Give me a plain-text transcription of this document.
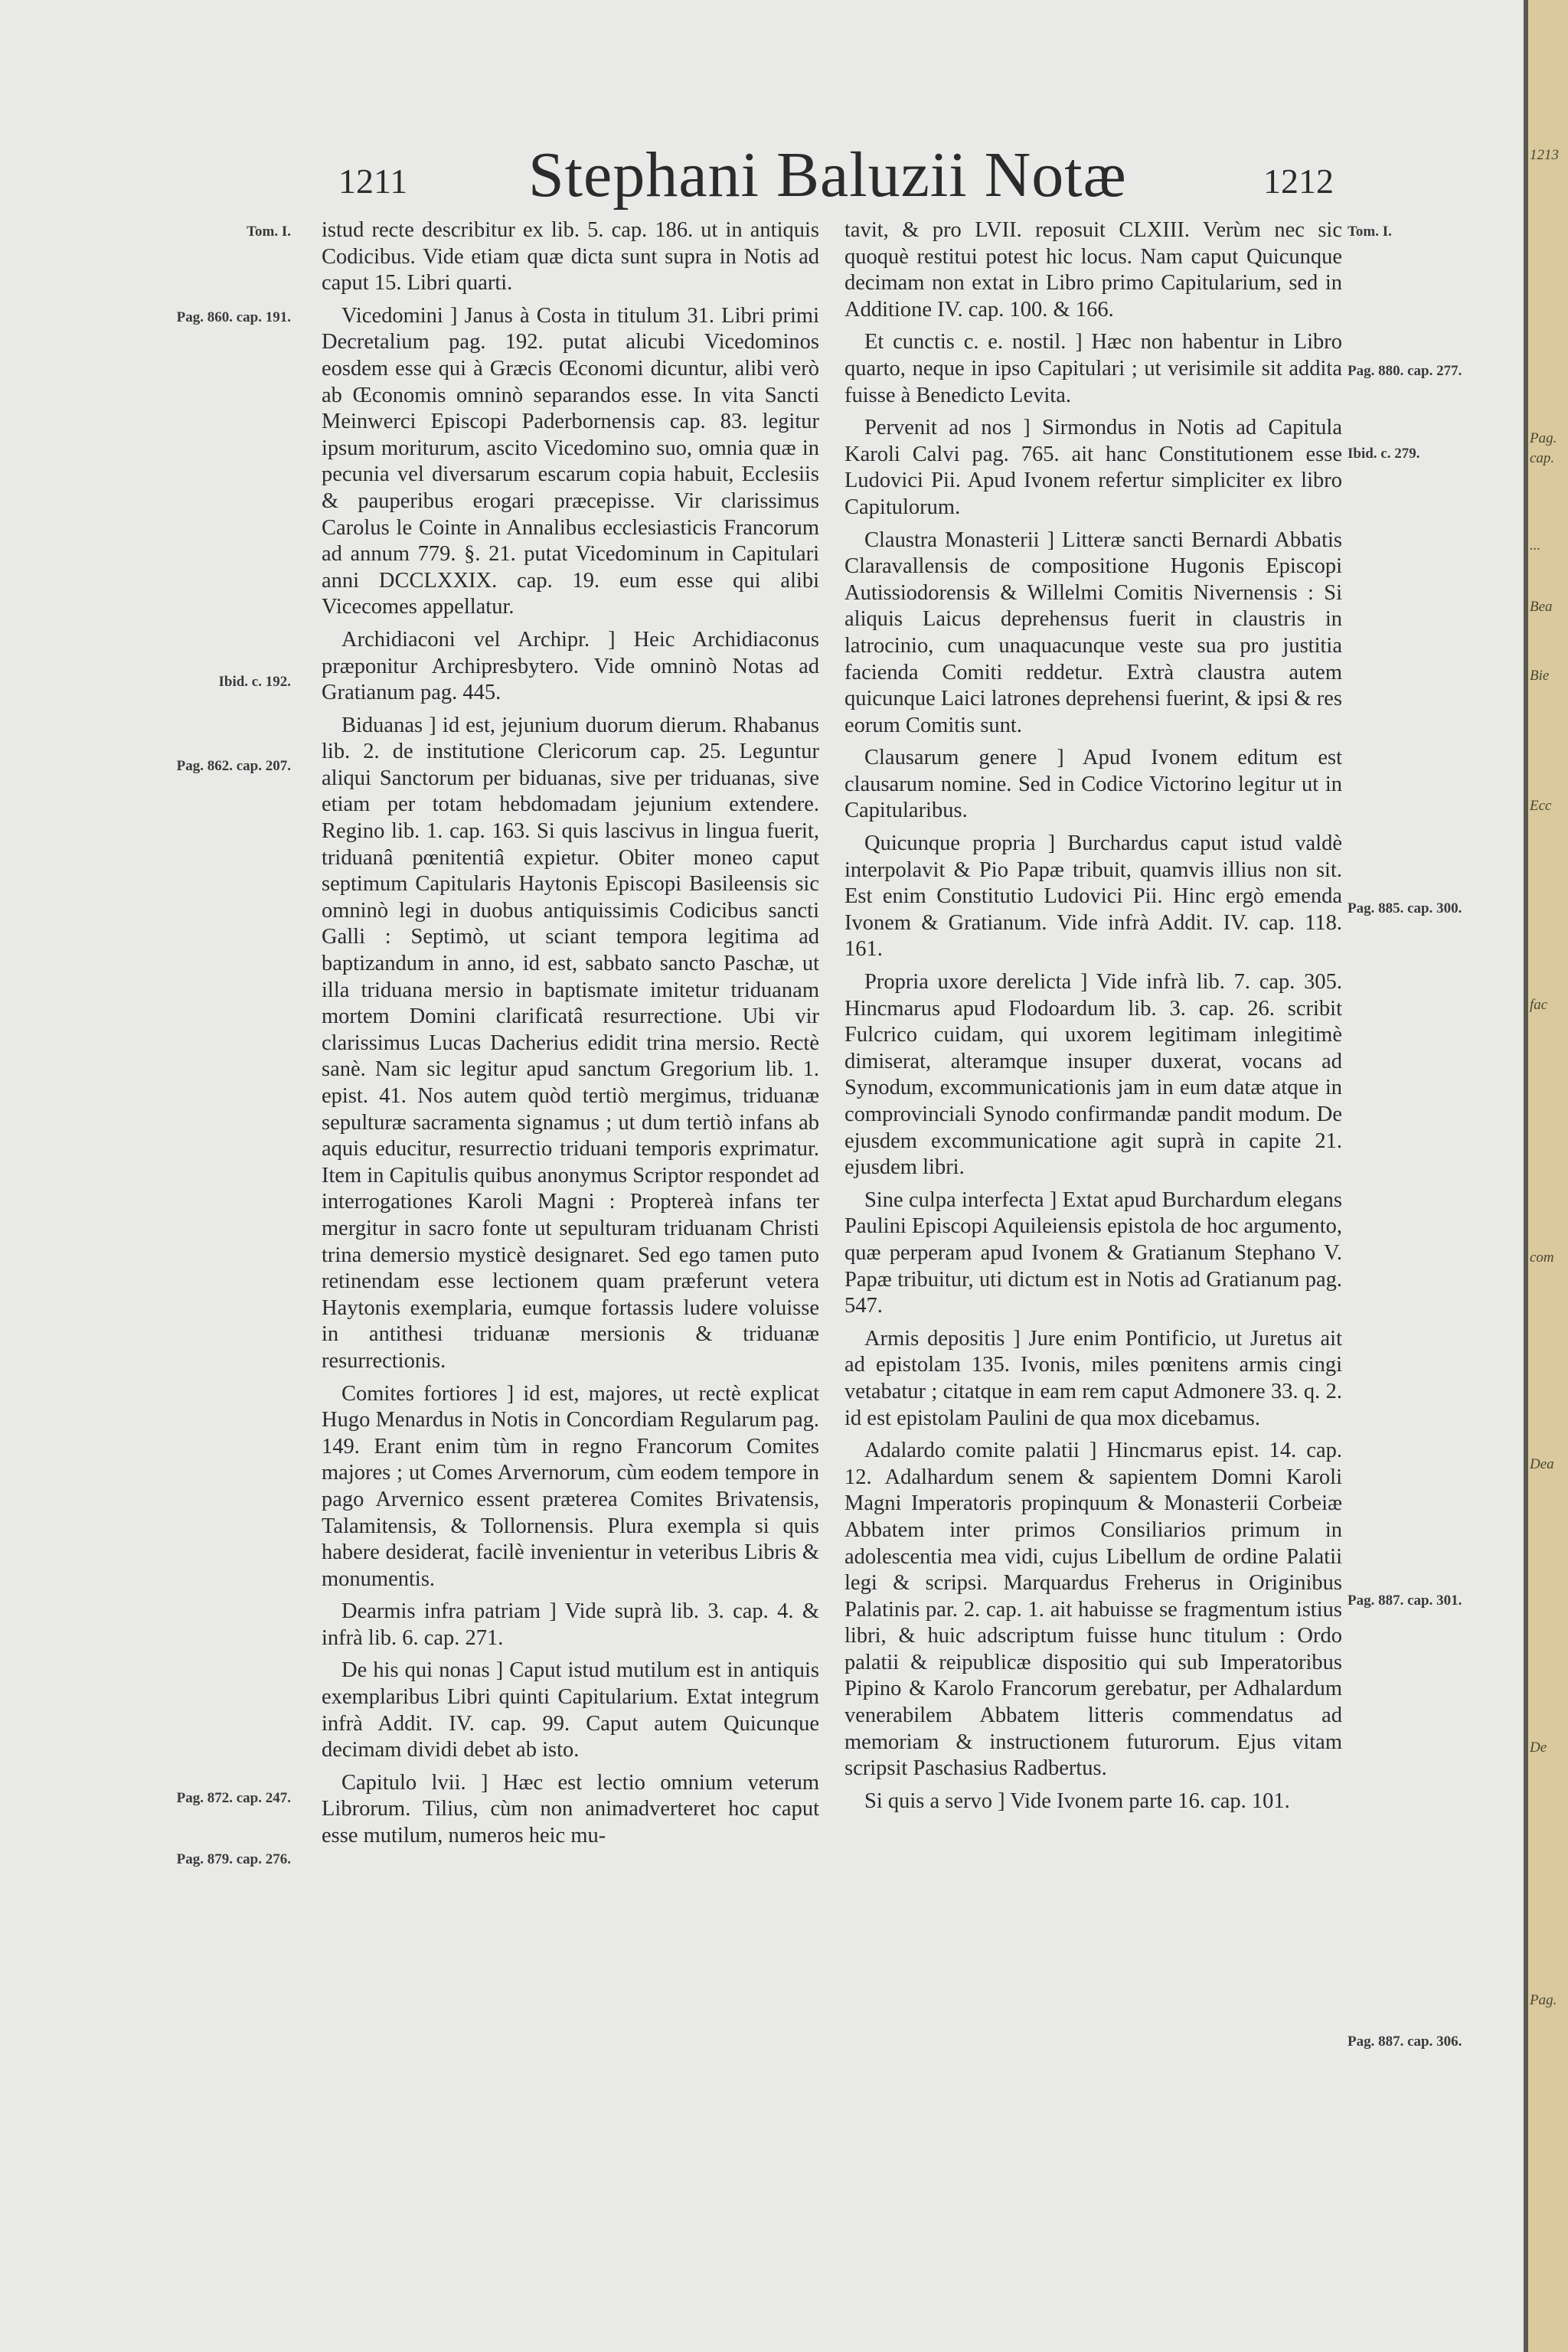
1211 Stephani Baluzii Notæ	1212
Tom. I.
Pag. 860. cap. 191.
Ibid. c. 192.
Pag. 862. cap. 207.
Pag. 872. cap. 247.
Pag. 879. cap. 276.
Tom. I.
Pag. 880. cap. 277.
Ibid. c. 279.
Pag. 885. cap. 300.
Pag. 887. cap. 301.
Pag. 887. cap. 306.

istud recte describitur ex lib. 5. cap. 186. ut in antiquis Codicibus. Vide etiam quæ dicta sunt supra in Notis ad caput 15. Libri quarti.

Vicedomini ] Janus à Costa in titulum 31. Libri primi Decretalium pag. 192. putat alicubi Vicedominos eosdem esse qui à Græcis Œconomi dicuntur, alibi verò ab Œconomis omninò separandos esse. In vita Sancti Meinwerci Episcopi Paderbornensis cap. 83. legitur ipsum moriturum, ascito Vicedomino suo, omnia quæ in pecunia vel diversarum escarum copia habuit, Ecclesiis & pauperibus erogari præcepisse. Vir clarissimus Carolus le Cointe in Annalibus ecclesiasticis Francorum ad annum 779. §. 21. putat Vicedominum in Capitulari anni DCCLXXIX. cap. 19. eum esse qui alibi Vicecomes appellatur.

Archidiaconi vel Archipr. ] Heic Archidiaconus præponitur Archipresbytero. Vide omninò Notas ad Gratianum pag. 445.

Biduanas ] id est, jejunium duorum dierum. Rhabanus lib. 2. de institutione Clericorum cap. 25. Leguntur aliqui Sanctorum per biduanas, sive per triduanas, sive etiam per totam hebdomadam jejunium extendere. Regino lib. 1. cap. 163. Si quis lascivus in lingua fuerit, triduanâ pœnitentiâ expietur. Obiter moneo caput septimum Capitularis Haytonis Episcopi Basileensis sic omninò legi in duobus antiquissimis Codicibus sancti Galli : Septimò, ut sciant tempora legitima ad baptizandum in anno, id est, sabbato sancto Paschæ, ut illa triduana mersio in baptismate imitetur triduanam mortem Domini clarificatâ resurrectione. Ubi vir clarissimus Lucas Dacherius edidit trina mersio. Rectè sanè. Nam sic legitur apud sanctum Gregorium lib. 1. epist. 41. Nos autem quòd tertiò mergimus, triduanæ sepulturæ sacramenta signamus ; ut dum tertiò infans ab aquis educitur, resurrectio triduani temporis exprimatur. Item in Capitulis quibus anonymus Scriptor respondet ad interrogationes Karoli Magni : Proptereà infans ter mergitur in sacro fonte ut sepulturam triduanam Christi trina demersio mysticè designaret. Sed ego tamen puto retinendam esse lectionem quam præferunt vetera Haytonis exemplaria, eumque fortassis ludere voluisse in antithesi triduanæ mersionis & triduanæ resurrectionis.

Comites fortiores ] id est, majores, ut rectè explicat Hugo Menardus in Notis in Concordiam Regularum pag. 149. Erant enim tùm in regno Francorum Comites majores ; ut Comes Arvernorum, cùm eodem tempore in pago Arvernico essent præterea Comites Brivatensis, Talamitensis, & Tollornensis. Plura exempla si quis habere desiderat, facilè invenientur in veteribus Libris & monumentis.

Dearmis infra patriam ] Vide suprà lib. 3. cap. 4. & infrà lib. 6. cap. 271.

De his qui nonas ] Caput istud mutilum est in antiquis exemplaribus Libri quinti Capitularium. Extat integrum infrà Addit. IV. cap. 99. Caput autem Quicunque decimam dividi debet ab isto.

Capitulo lvii. ] Hæc est lectio omnium veterum Librorum. Tilius, cùm non animadverteret hoc caput esse mutilum, numeros heic mu-

tavit, & pro LVII. reposuit CLXIII. Verùm nec sic quoquè restitui potest hic locus. Nam caput Quicunque decimam non extat in Libro primo Capitularium, sed in Additione IV. cap. 100. & 166.

Et cunctis c. e. nostil. ] Hæc non habentur in Libro quarto, neque in ipso Capitulari ; ut verisimile sit addita fuisse à Benedicto Levita.

Pervenit ad nos ] Sirmondus in Notis ad Capitula Karoli Calvi pag. 765. ait hanc Constitutionem esse Ludovici Pii. Apud Ivonem refertur simpliciter ex libro Capitulorum.

Claustra Monasterii ] Litteræ sancti Bernardi Abbatis Claravallensis de compositione Hugonis Episcopi Autissiodorensis & Willelmi Comitis Nivernensis : Si aliquis Laicus deprehensus fuerit in claustris in latrocinio, cum unaquacunque veste sua pro justitia facienda Comiti reddetur. Extrà claustra autem quicunque Laici latrones deprehensi fuerint, & ipsi & res eorum Comitis sunt.

Clausarum genere ] Apud Ivonem editum est clausarum nomine. Sed in Codice Victorino legitur ut in Capitularibus.

Quicunque propria ] Burchardus caput istud valdè interpolavit & Pio Papæ tribuit, quamvis illius non sit. Est enim Constitutio Ludovici Pii. Hinc ergò emenda Ivonem & Gratianum. Vide infrà Addit. IV. cap. 118. 161.

Propria uxore derelicta ] Vide infrà lib. 7. cap. 305. Hincmarus apud Flodoardum lib. 3. cap. 26. scribit Fulcrico cuidam, qui uxorem legitimam inlegitimè dimiserat, alteramque insuper duxerat, vocans ad Synodum, excommunicationis jam in eum datæ atque in comprovinciali Synodo confirmandæ pandit modum. De ejusdem excommunicatione agit suprà in capite 21. ejusdem libri.

Sine culpa interfecta ] Extat apud Burchardum elegans Paulini Episcopi Aquileiensis epistola de hoc argumento, quæ perperam apud Ivonem & Gratianum Stephano V. Papæ tribuitur, uti dictum est in Notis ad Gratianum pag. 547.

Armis depositis ] Jure enim Pontificio, ut Juretus ait ad epistolam 135. Ivonis, miles pœnitens armis cingi vetabatur ; citatque in eam rem caput Admonere 33. q. 2. id est epistolam Paulini de qua mox dicebamus.

Adalardo comite palatii ] Hincmarus epist. 14. cap. 12. Adalhardum senem & sapientem Domni Karoli Magni Imperatoris propinquum & Monasterii Corbeiæ Abbatem inter primos Consiliarios primum in adolescentia mea vidi, cujus Libellum de ordine Palatii legi & scripsi. Marquardus Freherus in Originibus Palatinis par. 2. cap. 1. ait habuisse se fragmentum istius libri, & huic adscriptum fuisse hunc titulum : Ordo palatii & reipublicæ dispositio qui sub Imperatoribus Pipino & Karolo Francorum gerebatur, per Adhalardum venerabilem Abbatem litteris commendatus ad memoriam & instructionem futurorum. Ejus vitam scripsit Paschasius Radbertus.

Si quis a servo ] Vide Ivonem parte 16. cap. 101.

1213
Pag.
cap.
...
Bea
Bie
Ecc
fac
com
Dea
De
Pag.
